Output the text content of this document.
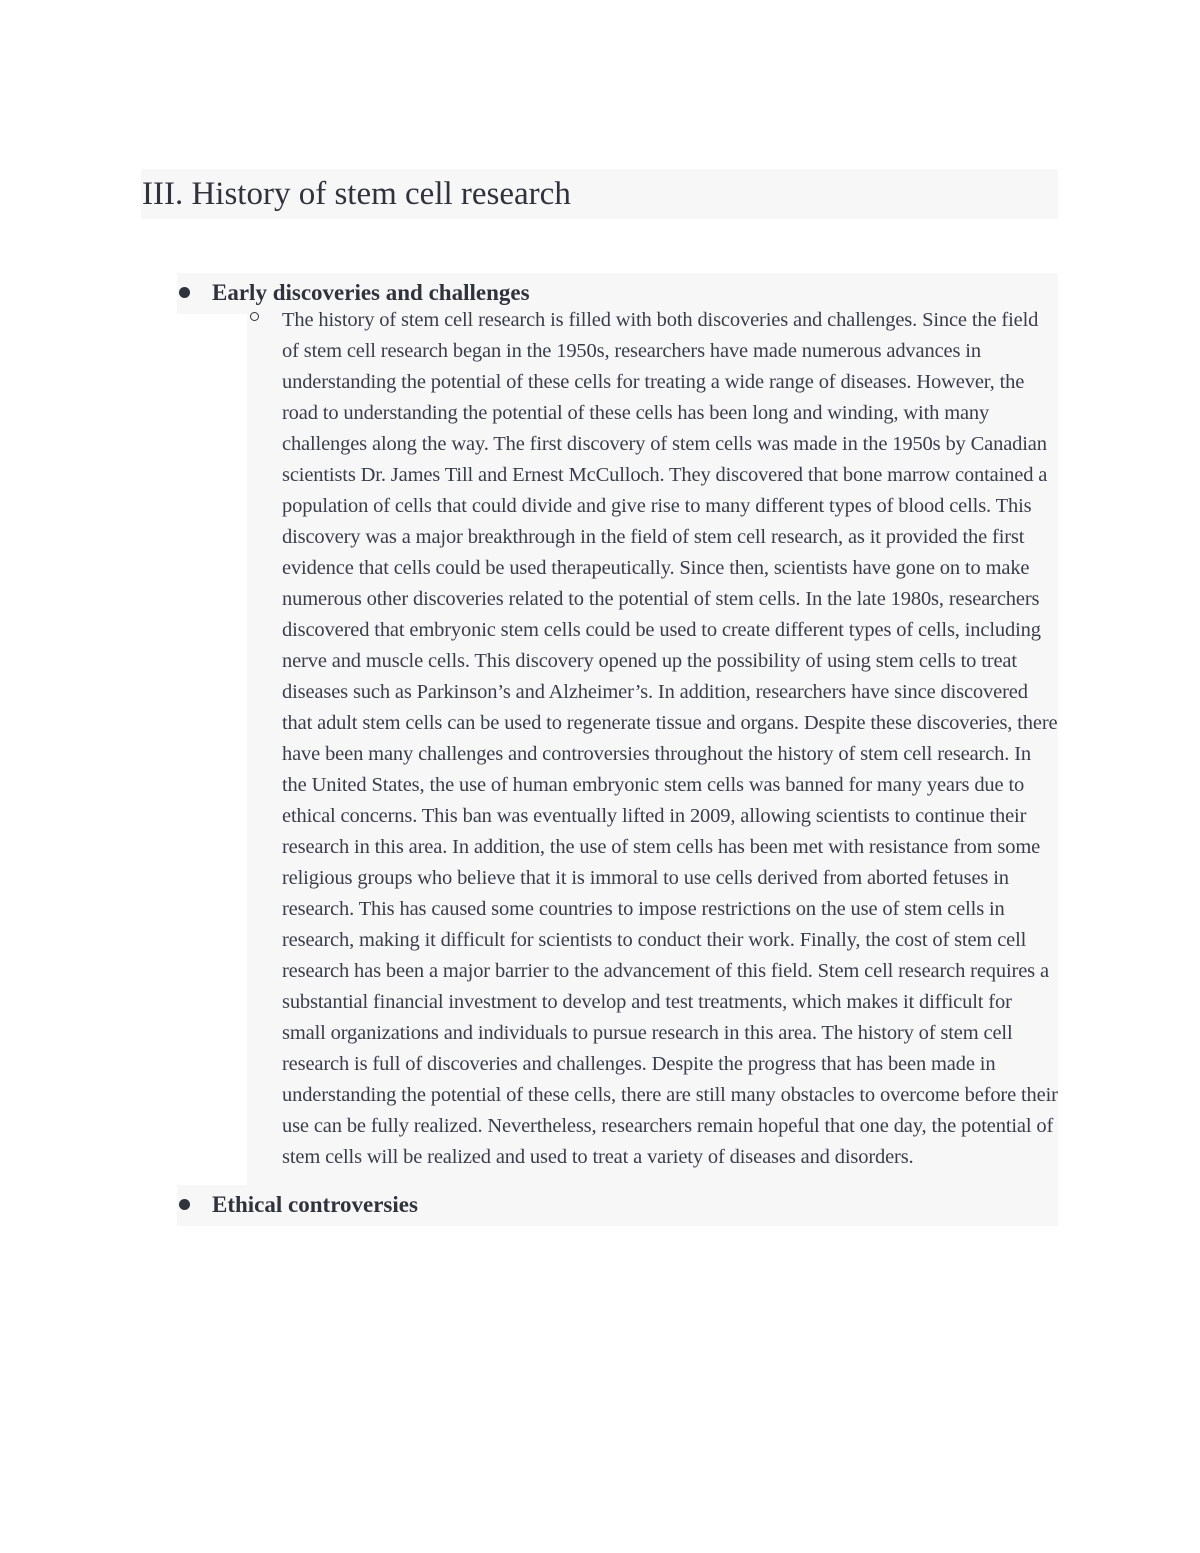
III. History of stem cell research
Early discoveries and challenges

The history of stem cell research is filled with both discoveries and challenges. Since the field of stem cell research began in the 1950s, researchers have made numerous advances in understanding the potential of these cells for treating a wide range of diseases. However, the road to understanding the potential of these cells has been long and winding, with many challenges along the way. The first discovery of stem cells was made in the 1950s by Canadian scientists Dr. James Till and Ernest McCulloch. They discovered that bone marrow contained a population of cells that could divide and give rise to many different types of blood cells. This discovery was a major breakthrough in the field of stem cell research, as it provided the first evidence that cells could be used therapeutically. Since then, scientists have gone on to make numerous other discoveries related to the potential of stem cells. In the late 1980s, researchers discovered that embryonic stem cells could be used to create different types of cells, including nerve and muscle cells. This discovery opened up the possibility of using stem cells to treat diseases such as Parkinson’s and Alzheimer’s. In addition, researchers have since discovered that adult stem cells can be used to regenerate tissue and organs. Despite these discoveries, there have been many challenges and controversies throughout the history of stem cell research. In the United States, the use of human embryonic stem cells was banned for many years due to ethical concerns. This ban was eventually lifted in 2009, allowing scientists to continue their research in this area. In addition, the use of stem cells has been met with resistance from some religious groups who believe that it is immoral to use cells derived from aborted fetuses in research. This has caused some countries to impose restrictions on the use of stem cells in research, making it difficult for scientists to conduct their work. Finally, the cost of stem cell research has been a major barrier to the advancement of this field. Stem cell research requires a substantial financial investment to develop and test treatments, which makes it difficult for small organizations and individuals to pursue research in this area. The history of stem cell research is full of discoveries and challenges. Despite the progress that has been made in understanding the potential of these cells, there are still many obstacles to overcome before their use can be fully realized. Nevertheless, researchers remain hopeful that one day, the potential of stem cells will be realized and used to treat a variety of diseases and disorders.

Ethical controversies
